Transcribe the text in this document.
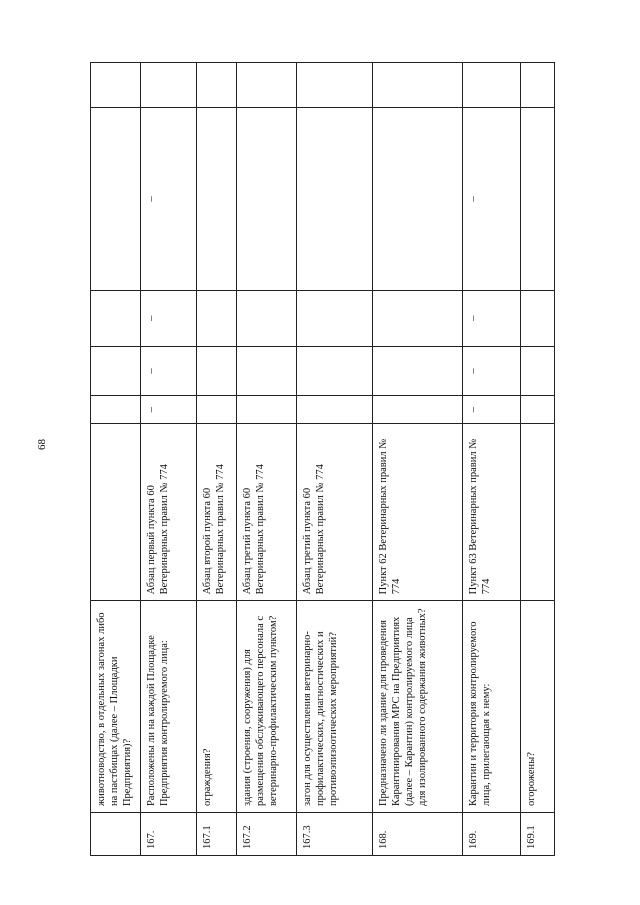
68
	животноводство, в отдельных загонах либо на пастбищах (далее – Площадки Предприятия)?						
167.	Расположены ли на каждой Площадке Предприятия контролируемого лица:	Абзац первый пункта 60 Ветеринарных правил № 774	–	–	–	–	
167.1	ограждения?	Абзац второй пункта 60 Ветеринарных правил № 774					
167.2	здания (строения, сооружения) для размещения обслуживающего персонала с ветеринарно-профилактическим пунктом?	Абзац третий пункта 60 Ветеринарных правил № 774					
167.3	загон для осуществления ветеринарно-профилактических, диагностических и противоэпизоотических мероприятий?	Абзац третий пункта 60 Ветеринарных правил № 774					
168.	Предназначено ли здание для проведения Карантинирования МРС на Предприятиях (далее – Карантин) контролируемого лица для изолированного содержания животных?	Пункт 62 Ветеринарных правил № 774					
169.	Карантин и территория контролируемого лица, прилегающая к нему:	Пункт 63 Ветеринарных правил № 774	–	–	–	–	
169.1	огорожены?						
